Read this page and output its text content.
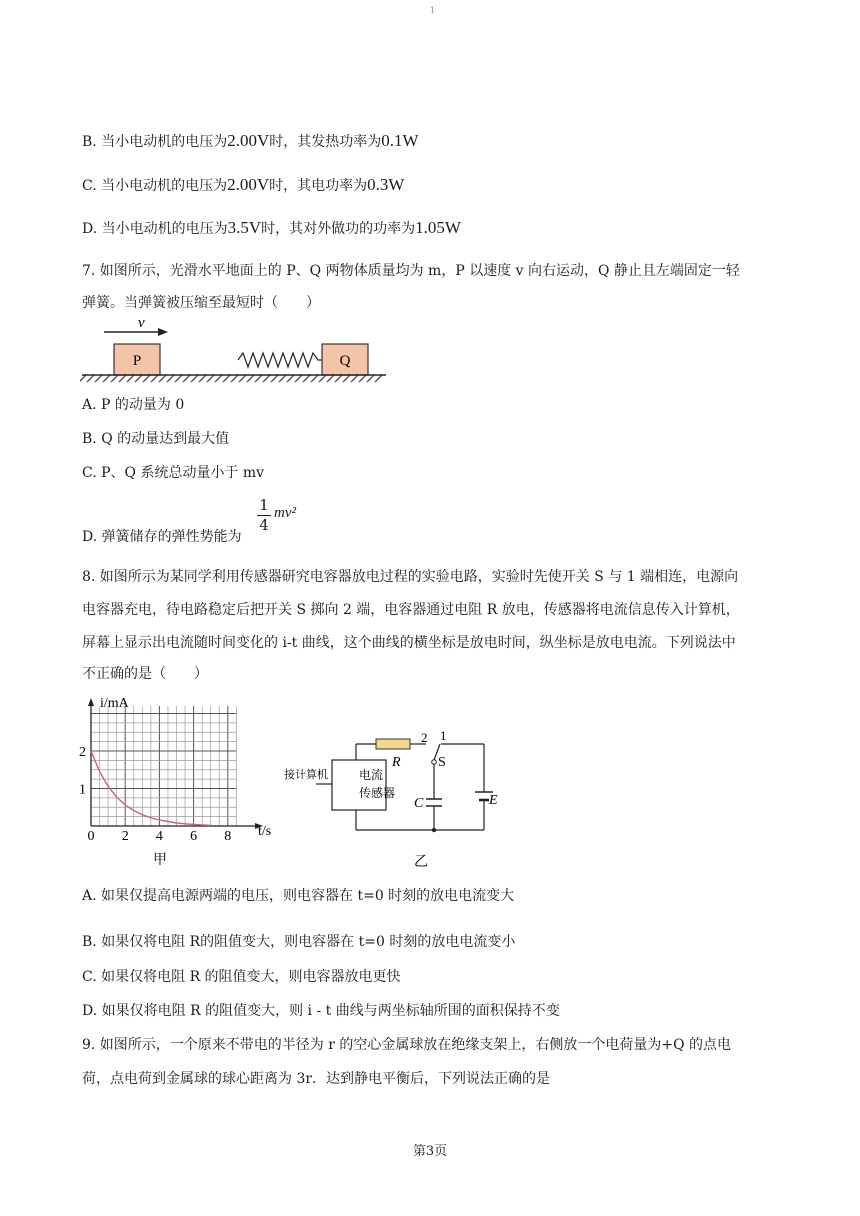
1
B. 当小电动机的电压为2.00V时，其发热功率为0.1W
C. 当小电动机的电压为2.00V时，其电功率为0.3W
D. 当小电动机的电压为3.5V时，其对外做功的功率为1.05W
7. 如图所示，光滑水平地面上的 P、Q 两物体质量均为 m，P 以速度 v 向右运动，Q 静止且左端固定一轻
弹簧。当弹簧被压缩至最短时（　　）
v
P	Q
A. P 的动量为 0
B. Q 的动量达到最大值
C. P、Q 系统总动量小于 mv
D. 弹簧储存的弹性势能为
1
4
mv²
8. 如图所示为某同学利用传感器研究电容器放电过程的实验电路，实验时先使开关 S 与 1 端相连，电源向
电容器充电，待电路稳定后把开关 S 掷向 2 端，电容器通过电阻 R 放电，传感器将电流信息传入计算机，
屏幕上显示出电流随时间变化的 i-t 曲线，这个曲线的横坐标是放电时间，纵坐标是放电电流。下列说法中
不正确的是（　　）
i/mA
t/s
0 2 4 6 8
2
1
甲
电流
传感器
接计算机
R
2 1
S
C	E
乙
A. 如果仅提高电源两端的电压，则电容器在 t=0 时刻的放电电流变大
B. 如果仅将电阻 R的阻值变大，则电容器在 t=0 时刻的放电电流变小
C. 如果仅将电阻 R 的阻值变大，则电容器放电更快
D. 如果仅将电阻 R 的阻值变大，则 i - t 曲线与两坐标轴所围的面积保持不变
9. 如图所示，一个原来不带电的半径为 r 的空心金属球放在绝缘支架上，右侧放一个电荷量为+Q 的点电
荷，点电荷到金属球的球心距离为 3r．达到静电平衡后，下列说法正确的是
第3页
